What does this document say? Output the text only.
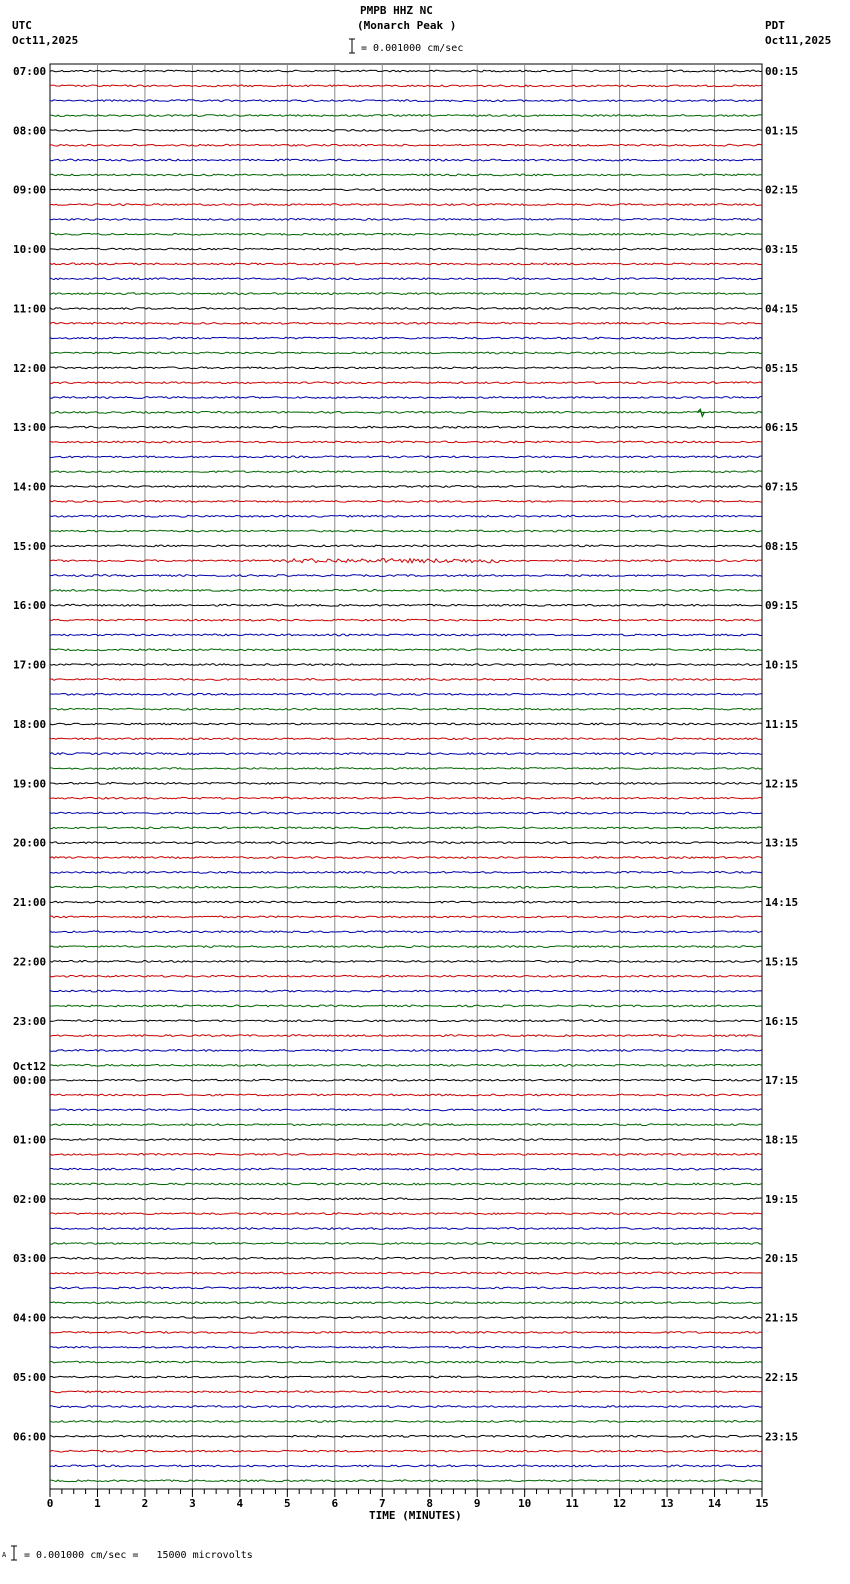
0	1	2	3	4	5	6	7	8	9	10	11	12	13	14	15
07:00	00:15
08:00	01:15
09:00	02:15
10:00	03:15
11:00	04:15
12:00	05:15
13:00	06:15
14:00	07:15
15:00	08:15
16:00	09:15
17:00	10:15
18:00	11:15
19:00	12:15
20:00	13:15
21:00	14:15
22:00	15:15
23:00	16:15
00:00	17:15
Oct12
01:00	18:15
02:00	19:15
03:00	20:15
04:00	21:15
05:00	22:15
06:00	23:15
PMPB HHZ NC
(Monarch Peak )
= 0.001000 cm/sec
UTC
Oct11,2025
PDT
Oct11,2025
TIME (MINUTES)
A = 0.001000 cm/sec =   15000 microvolts
